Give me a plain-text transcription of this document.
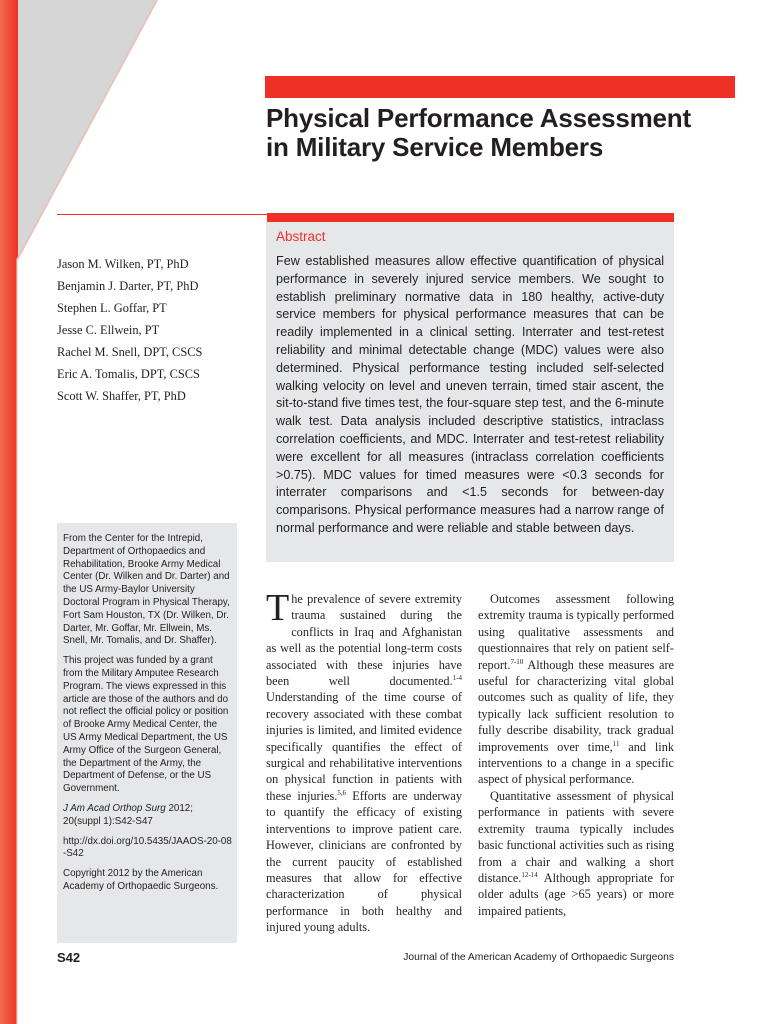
Physical Performance Assessment in Military Service Members
Jason M. Wilken, PT, PhD
Benjamin J. Darter, PT, PhD
Stephen L. Goffar, PT
Jesse C. Ellwein, PT
Rachel M. Snell, DPT, CSCS
Eric A. Tomalis, DPT, CSCS
Scott W. Shaffer, PT, PhD
Abstract
Few established measures allow effective quantification of physical performance in severely injured service members. We sought to establish preliminary normative data in 180 healthy, active-duty service members for physical performance measures that can be readily implemented in a clinical setting. Interrater and test-retest reliability and minimal detectable change (MDC) values were also determined. Physical performance testing included self-selected walking velocity on level and uneven terrain, timed stair ascent, the sit-to-stand five times test, the four-square step test, and the 6-minute walk test. Data analysis included descriptive statistics, intraclass correlation coefficients, and MDC. Interrater and test-retest reliability were excellent for all measures (intraclass correlation coefficients >0.75). MDC values for timed measures were <0.3 seconds for interrater comparisons and <1.5 seconds for between-day comparisons. Physical performance measures had a narrow range of normal performance and were reliable and stable between days.

From the Center for the Intrepid, Department of Orthopaedics and Rehabilitation, Brooke Army Medical Center (Dr. Wilken and Dr. Darter) and the US Army-Baylor University Doctoral Program in Physical Therapy, Fort Sam Houston, TX (Dr. Wilken, Dr. Darter, Mr. Goffar, Mr. Ellwein, Ms. Snell, Mr. Tomalis, and Dr. Shaffer).

This project was funded by a grant from the Military Amputee Research Program. The views expressed in this article are those of the authors and do not reflect the official policy or position of Brooke Army Medical Center, the US Army Medical Department, the US Army Office of the Surgeon General, the Department of the Army, the Department of Defense, or the US Government.

J Am Acad Orthop Surg 2012; 20(suppl 1):S42-S47

http://dx.doi.org/10.5435/JAAOS-20-08-S42

Copyright 2012 by the American Academy of Orthopaedic Surgeons.

The prevalence of severe extremity trauma sustained during the conflicts in Iraq and Afghanistan as well as the potential long-term costs associated with these injuries have been well documented.$^{1-4}$ Understanding of the time course of recovery associated with these combat injuries is limited, and limited evidence specifically quantifies the effect of surgical and rehabilitative interventions on physical function in patients with these injuries.$^{5,6}$ Efforts are underway to quantify the efficacy of existing interventions to improve patient care. However, clinicians are confronted by the current paucity of established measures that allow for effective characterization of physical performance in both healthy and injured young adults.

Outcomes assessment following extremity trauma is typically performed using qualitative assessments and questionnaires that rely on patient self-report.$^{7-10}$ Although these measures are useful for characterizing vital global outcomes such as quality of life, they typically lack sufficient resolution to fully describe disability, track gradual improvements over time,$^{11}$ and link interventions to a change in a specific aspect of physical performance.

Quantitative assessment of physical performance in patients with severe extremity trauma typically includes basic functional activities such as rising from a chair and walking a short distance.$^{12-14}$ Although appropriate for older adults (age >65 years) or more impaired patients,

S42	Journal of the American Academy of Orthopaedic Surgeons
